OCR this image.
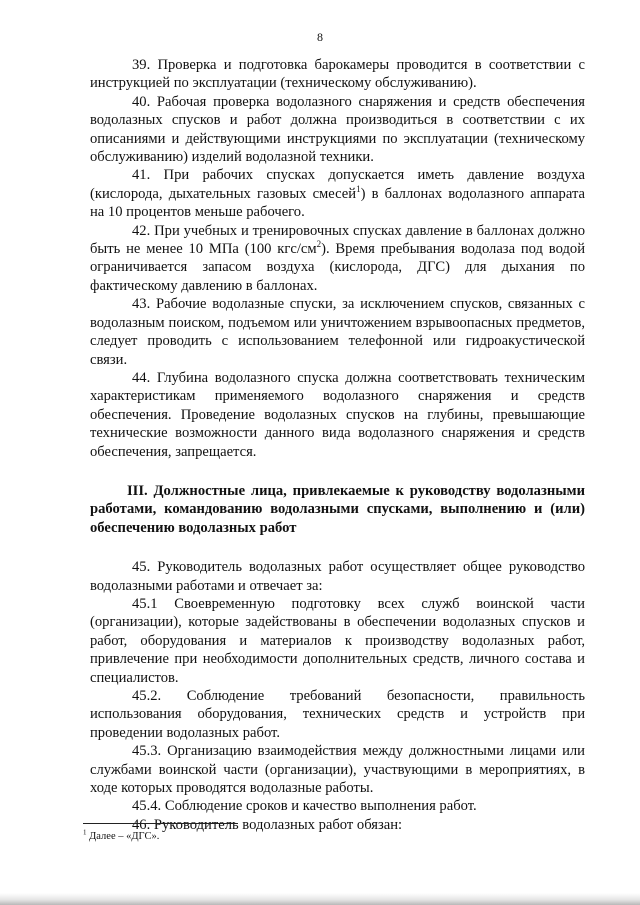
8

39. Проверка и подготовка барокамеры проводится в соответствии с инструкцией по эксплуатации (техническому обслуживанию).

40. Рабочая проверка водолазного снаряжения и средств обеспечения водолазных спусков и работ должна производиться в соответствии с их описаниями и действующими инструкциями по эксплуатации (техническому обслуживанию) изделий водолазной техники.

41. При рабочих спусках допускается иметь давление воздуха (кислорода, дыхательных газовых смесей$^1$) в баллонах водолазного аппарата на 10 процентов меньше рабочего.

42. При учебных и тренировочных спусках давление в баллонах должно быть не менее 10 МПа (100 кгс/$см^2$). Время пребывания водолаза под водой ограничивается запасом воздуха (кислорода, ДГС) для дыхания по фактическому давлению в баллонах.

43. Рабочие водолазные спуски, за исключением спусков, связанных с водолазным поиском, подъемом или уничтожением взрывоопасных предметов, следует проводить с использованием телефонной или гидроакустической связи.

44. Глубина водолазного спуска должна соответствовать техническим характеристикам применяемого водолазного снаряжения и средств обеспечения. Проведение водолазных спусков на глубины, превышающие технические возможности данного вида водолазного снаряжения и средств обеспечения, запрещается.

III. Должностные лица, привлекаемые к руководству водолазными работами, командованию водолазными спусками, выполнению и (или) обеспечению водолазных работ

45. Руководитель водолазных работ осуществляет общее руководство водолазными работами и отвечает за:

45.1 Своевременную подготовку всех служб воинской части (организации), которые задействованы в обеспечении водолазных спусков и работ, оборудования и материалов к производству водолазных работ, привлечение при необходимости дополнительных средств, личного состава и специалистов.

45.2. Соблюдение требований безопасности, правильность использования оборудования, технических средств и устройств при проведении водолазных работ.

45.3. Организацию взаимодействия между должностными лицами или службами воинской части (организации), участвующими в мероприятиях, в ходе которых проводятся водолазные работы.

45.4. Соблюдение сроков и качество выполнения работ.

46. Руководитель водолазных работ обязан:

$^1$ Далее – «ДГС».
